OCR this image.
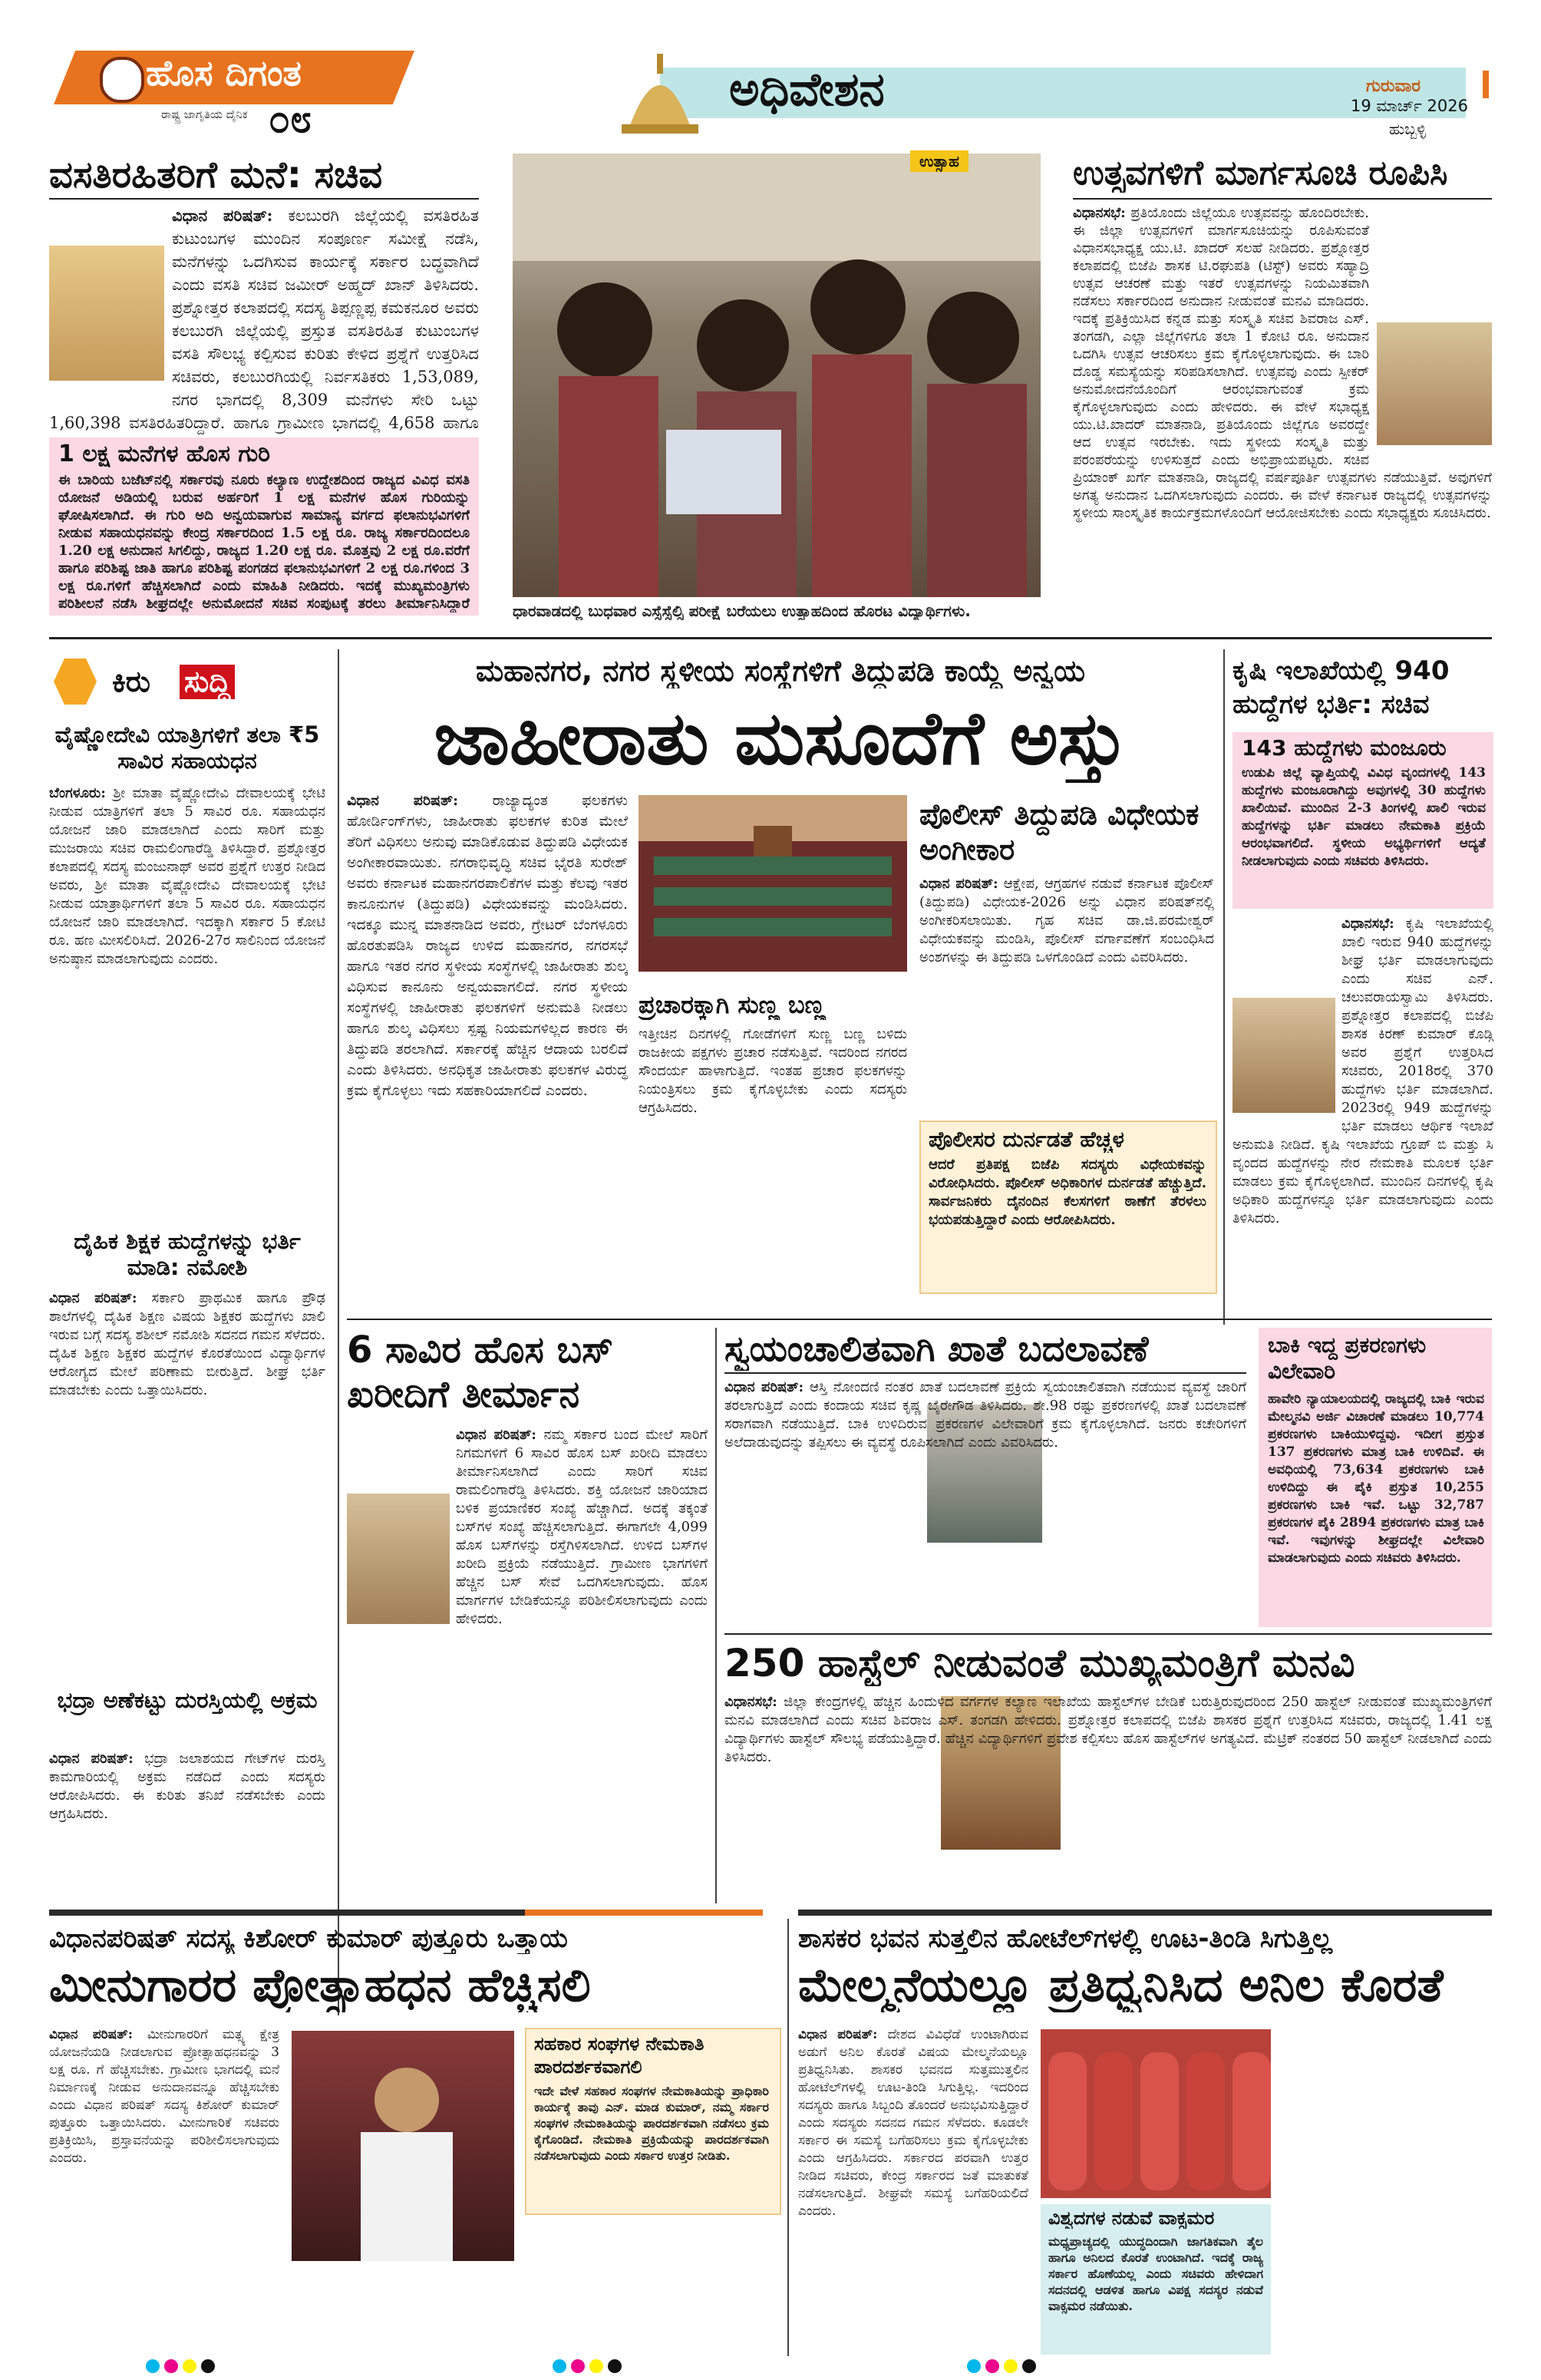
ಹೊಸ ದಿಗಂತ
ರಾಷ್ಟ್ರ ಜಾಗೃತಿಯ ದೈನಿಕ ೦೮
ಅಧಿವೇಶನ	ಗುರುವಾರ
19 ಮಾರ್ಚ್ 2026
ಹುಬ್ಬಳ್ಳಿ
ವಸತಿರಹಿತರಿಗೆ ಮನೆ: ಸಚಿವ
ವಿಧಾನ ಪರಿಷತ್: ಕಲಬುರಗಿ ಜಿಲ್ಲೆಯಲ್ಲಿ ವಸತಿರಹಿತ ಕುಟುಂಬಗಳ ಮುಂದಿನ ಸಂಪೂರ್ಣ ಸಮೀಕ್ಷೆ ನಡೆಸಿ, ಮನೆಗಳನ್ನು ಒದಗಿಸುವ ಕಾರ್ಯಕ್ಕೆ ಸರ್ಕಾರ ಬದ್ಧವಾಗಿದೆ ಎಂದು ವಸತಿ ಸಚಿವ ಜಮೀರ್ ಅಹ್ಮದ್ ಖಾನ್ ತಿಳಿಸಿದರು. ಪ್ರಶ್ನೋತ್ತರ ಕಲಾಪದಲ್ಲಿ ಸದಸ್ಯ ತಿಪ್ಪಣ್ಣಪ್ಪ ಕಮಕನೂರ ಅವರು ಕಲಬುರಗಿ ಜಿಲ್ಲೆಯಲ್ಲಿ ಪ್ರಸ್ತುತ ವಸತಿರಹಿತ ಕುಟುಂಬಗಳ ವಸತಿ ಸೌಲಭ್ಯ ಕಲ್ಪಿಸುವ ಕುರಿತು ಕೇಳಿದ ಪ್ರಶ್ನೆಗೆ ಉತ್ತರಿಸಿದ ಸಚಿವರು, ಕಲಬುರಗಿಯಲ್ಲಿ ನಿರ್ವಸತಿಕರು 1,53,089, ನಗರ ಭಾಗದಲ್ಲಿ 8,309 ಮನೆಗಳು ಸೇರಿ ಒಟ್ಟು 1,60,398 ವಸತಿರಹಿತರಿದ್ದಾರೆ. ಹಾಗೂ ಗ್ರಾಮೀಣ ಭಾಗದಲ್ಲಿ 4,658 ಹಾಗೂ
1 ಲಕ್ಷ ಮನೆಗಳ ಹೊಸ ಗುರಿ
ಈ ಬಾರಿಯ ಬಜೆಟ್‌ನಲ್ಲಿ ಸರ್ಕಾರವು ನೂರು ಕಲ್ಯಾಣ ಉದ್ದೇಶದಿಂದ ರಾಜ್ಯದ ವಿವಿಧ ವಸತಿ ಯೋಜನೆ ಅಡಿಯಲ್ಲಿ ಬರುವ ಅರ್ಹರಿಗೆ 1 ಲಕ್ಷ ಮನೆಗಳ ಹೊಸ ಗುರಿಯನ್ನು ಘೋಷಿಸಲಾಗಿದೆ. ಈ ಗುರಿ ಅದಿ ಅನ್ವಯವಾಗುವ ಸಾಮಾನ್ಯ ವರ್ಗದ ಫಲಾನುಭವಿಗಳಿಗೆ ನೀಡುವ ಸಹಾಯಧನವನ್ನು ಕೇಂದ್ರ ಸರ್ಕಾರದಿಂದ 1.5 ಲಕ್ಷ ರೂ. ರಾಜ್ಯ ಸರ್ಕಾರದಿಂದಲೂ 1.20 ಲಕ್ಷ ಅನುದಾನ ಸಿಗಲಿದ್ದು, ರಾಜ್ಯದ 1.20 ಲಕ್ಷ ರೂ. ಮೊತ್ತವು 2 ಲಕ್ಷ ರೂ.ವರೆಗೆ ಹಾಗೂ ಪರಿಶಿಷ್ಟ ಜಾತಿ ಹಾಗೂ ಪರಿಶಿಷ್ಟ ಪಂಗಡದ ಫಲಾನುಭವಿಗಳಿಗೆ 2 ಲಕ್ಷ ರೂ.ಗಳಿಂದ 3 ಲಕ್ಷ ರೂ.ಗಳಿಗೆ ಹೆಚ್ಚಿಸಲಾಗಿದೆ ಎಂದು ಮಾಹಿತಿ ನೀಡಿದರು. ಇದಕ್ಕೆ ಮುಖ್ಯಮಂತ್ರಿಗಳು ಪರಿಶೀಲನೆ ನಡೆಸಿ ಶೀಘ್ರದಲ್ಲೇ ಅನುಮೋದನೆ ಸಚಿವ ಸಂಪುಟಕ್ಕೆ ತರಲು ತೀರ್ಮಾನಿಸಿದ್ದಾರೆ
ಉತ್ಸಾಹ
ಧಾರವಾಡದಲ್ಲಿ ಬುಧವಾರ ಎಸ್ಸೆಸ್ಸೆಲ್ಸಿ ಪರೀಕ್ಷೆ ಬರೆಯಲು ಉತ್ಸಾಹದಿಂದ ಹೊರಟ ವಿದ್ಯಾರ್ಥಿಗಳು.
ಉತ್ಸವಗಳಿಗೆ ಮಾರ್ಗಸೂಚಿ ರೂಪಿಸಿ
ವಿಧಾನಸಭೆ: ಪ್ರತಿಯೊಂದು ಜಿಲ್ಲೆಯೂ ಉತ್ಸವವನ್ನು ಹೊಂದಿರಬೇಕು. ಈ ಜಿಲ್ಲಾ ಉತ್ಸವಗಳಿಗೆ ಮಾರ್ಗಸೂಚಿಯನ್ನು ರೂಪಿಸುವಂತೆ ವಿಧಾನಸಭಾಧ್ಯಕ್ಷ ಯು.ಟಿ. ಖಾದರ್ ಸಲಹೆ ನೀಡಿದರು. ಪ್ರಶ್ನೋತ್ತರ ಕಲಾಪದಲ್ಲಿ ಬಿಜೆಪಿ ಶಾಸಕ ಟಿ.ರಘುಪತಿ (ಟಿಸ್ಟ್) ಅವರು ಸಹ್ಯಾದ್ರಿ ಉತ್ಸವ ಆಚರಣೆ ಮತ್ತು ಇತರೆ ಉತ್ಸವಗಳನ್ನು ನಿಯಮಿತವಾಗಿ ನಡೆಸಲು ಸರ್ಕಾರದಿಂದ ಅನುದಾನ ನೀಡುವಂತೆ ಮನವಿ ಮಾಡಿದರು. ಇದಕ್ಕೆ ಪ್ರತಿಕ್ರಿಯಿಸಿದ ಕನ್ನಡ ಮತ್ತು ಸಂಸ್ಕೃತಿ ಸಚಿವ ಶಿವರಾಜ ಎಸ್. ತಂಗಡಗಿ, ಎಲ್ಲಾ ಜಿಲ್ಲೆಗಳಿಗೂ ತಲಾ 1 ಕೋಟಿ ರೂ. ಅನುದಾನ ಒದಗಿಸಿ ಉತ್ಸವ ಆಚರಿಸಲು ಕ್ರಮ ಕೈಗೊಳ್ಳಲಾಗುವುದು. ಈ ಬಾರಿ ದೊಡ್ಡ ಸಮಸ್ಯೆಯನ್ನು ಸರಿಪಡಿಸಲಾಗಿದೆ. ಉತ್ಸವವು ಎಂದು ಸ್ಪೀಕರ್ ಅನುಮೋದನೆಯೊಂದಿಗೆ ಆರಂಭವಾಗುವಂತೆ ಕ್ರಮ ಕೈಗೊಳ್ಳಲಾಗುವುದು ಎಂದು ಹೇಳಿದರು. ಈ ವೇಳೆ ಸಭಾಧ್ಯಕ್ಷ ಯು.ಟಿ.ಖಾದರ್ ಮಾತನಾಡಿ, ಪ್ರತಿಯೊಂದು ಜಿಲ್ಲೆಗೂ ಅವರದ್ದೇ ಆದ ಉತ್ಸವ ಇರಬೇಕು. ಇದು ಸ್ಥಳೀಯ ಸಂಸ್ಕೃತಿ ಮತ್ತು ಪರಂಪರೆಯನ್ನು ಉಳಿಸುತ್ತದೆ ಎಂದು ಅಭಿಪ್ರಾಯಪಟ್ಟರು. ಸಚಿವ ಪ್ರಿಯಾಂಕ್ ಖರ್ಗೆ ಮಾತನಾಡಿ, ರಾಜ್ಯದಲ್ಲಿ ವರ್ಷಪೂರ್ತಿ ಉತ್ಸವಗಳು ನಡೆಯುತ್ತಿವೆ. ಅವುಗಳಿಗೆ ಅಗತ್ಯ ಅನುದಾನ ಒದಗಿಸಲಾಗುವುದು ಎಂದರು. ಈ ವೇಳೆ ಕರ್ನಾಟಕ ರಾಜ್ಯದಲ್ಲಿ ಉತ್ಸವಗಳನ್ನು ಸ್ಥಳೀಯ ಸಾಂಸ್ಕೃತಿಕ ಕಾರ್ಯಕ್ರಮಗಳೊಂದಿಗೆ ಆಯೋಜಿಸಬೇಕು ಎಂದು ಸಭಾಧ್ಯಕ್ಷರು ಸೂಚಿಸಿದರು.
ಕಿರು ಸುದ್ದಿ
ವೈಷ್ಣೋದೇವಿ ಯಾತ್ರಿಗಳಿಗೆ ತಲಾ ₹5 ಸಾವಿರ ಸಹಾಯಧನ
ಬೆಂಗಳೂರು: ಶ್ರೀ ಮಾತಾ ವೈಷ್ಣೋದೇವಿ ದೇವಾಲಯಕ್ಕೆ ಭೇಟಿ ನೀಡುವ ಯಾತ್ರಿಗಳಿಗೆ ತಲಾ 5 ಸಾವಿರ ರೂ. ಸಹಾಯಧನ ಯೋಜನೆ ಜಾರಿ ಮಾಡಲಾಗಿದೆ ಎಂದು ಸಾರಿಗೆ ಮತ್ತು ಮುಜರಾಯಿ ಸಚಿವ ರಾಮಲಿಂಗಾರೆಡ್ಡಿ ತಿಳಿಸಿದ್ದಾರೆ. ಪ್ರಶ್ನೋತ್ತರ ಕಲಾಪದಲ್ಲಿ ಸದಸ್ಯ ಮಂಜುನಾಥ್ ಅವರ ಪ್ರಶ್ನೆಗೆ ಉತ್ತರ ನೀಡಿದ ಅವರು, ಶ್ರೀ ಮಾತಾ ವೈಷ್ಣೋದೇವಿ ದೇವಾಲಯಕ್ಕೆ ಭೇಟಿ ನೀಡುವ ಯಾತ್ರಾರ್ಥಿಗಳಿಗೆ ತಲಾ 5 ಸಾವಿರ ರೂ. ಸಹಾಯಧನ ಯೋಜನೆ ಜಾರಿ ಮಾಡಲಾಗಿದೆ. ಇದಕ್ಕಾಗಿ ಸರ್ಕಾರ 5 ಕೋಟಿ ರೂ. ಹಣ ಮೀಸಲಿರಿಸಿದೆ. 2026-27ರ ಸಾಲಿನಿಂದ ಯೋಜನೆ ಅನುಷ್ಠಾನ ಮಾಡಲಾಗುವುದು ಎಂದರು.
ದೈಹಿಕ ಶಿಕ್ಷಕ ಹುದ್ದೆಗಳನ್ನು ಭರ್ತಿ ಮಾಡಿ: ನಮೋಶಿ
ವಿಧಾನ ಪರಿಷತ್: ಸರ್ಕಾರಿ ಪ್ರಾಥಮಿಕ ಹಾಗೂ ಪ್ರೌಢ ಶಾಲೆಗಳಲ್ಲಿ ದೈಹಿಕ ಶಿಕ್ಷಣ ವಿಷಯ ಶಿಕ್ಷಕರ ಹುದ್ದೆಗಳು ಖಾಲಿ ಇರುವ ಬಗ್ಗೆ ಸದಸ್ಯ ಶಶೀಲ್ ನಮೋಶಿ ಸದನದ ಗಮನ ಸೆಳೆದರು. ದೈಹಿಕ ಶಿಕ್ಷಣ ಶಿಕ್ಷಕರ ಹುದ್ದೆಗಳ ಕೊರತೆಯಿಂದ ವಿದ್ಯಾರ್ಥಿಗಳ ಆರೋಗ್ಯದ ಮೇಲೆ ಪರಿಣಾಮ ಬೀರುತ್ತಿದೆ. ಶೀಘ್ರ ಭರ್ತಿ ಮಾಡಬೇಕು ಎಂದು ಒತ್ತಾಯಿಸಿದರು.
ಭದ್ರಾ ಅಣೆಕಟ್ಟು ದುರಸ್ತಿಯಲ್ಲಿ ಅಕ್ರಮ
ವಿಧಾನ ಪರಿಷತ್: ಭದ್ರಾ ಜಲಾಶಯದ ಗೇಟ್‌ಗಳ ದುರಸ್ತಿ ಕಾಮಗಾರಿಯಲ್ಲಿ ಅಕ್ರಮ ನಡೆದಿದೆ ಎಂದು ಸದಸ್ಯರು ಆರೋಪಿಸಿದರು. ಈ ಕುರಿತು ತನಿಖೆ ನಡೆಸಬೇಕು ಎಂದು ಆಗ್ರಹಿಸಿದರು.
ಮಹಾನಗರ, ನಗರ ಸ್ಥಳೀಯ ಸಂಸ್ಥೆಗಳಿಗೆ ತಿದ್ದುಪಡಿ ಕಾಯ್ದೆ ಅನ್ವಯ
ಜಾಹೀರಾತು ಮಸೂದೆಗೆ ಅಸ್ತು
ವಿಧಾನ ಪರಿಷತ್: ರಾಜ್ಯಾದ್ಯಂತ ಫಲಕಗಳು ಹೋರ್ಡಿಂಗ್‌ಗಳು, ಜಾಹೀರಾತು ಫಲಕಗಳ ಕುರಿತ ಮೇಲೆ ತೆರಿಗೆ ವಿಧಿಸಲು ಅನುವು ಮಾಡಿಕೊಡುವ ತಿದ್ದುಪಡಿ ವಿಧೇಯಕ ಅಂಗೀಕಾರವಾಯಿತು. ನಗರಾಭಿವೃದ್ಧಿ ಸಚಿವ ಭೈರತಿ ಸುರೇಶ್ ಅವರು ಕರ್ನಾಟಕ ಮಹಾನಗರಪಾಲಿಕೆಗಳ ಮತ್ತು ಕೆಲವು ಇತರ ಕಾನೂನುಗಳ (ತಿದ್ದುಪಡಿ) ವಿಧೇಯಕವನ್ನು ಮಂಡಿಸಿದರು. ಇದಕ್ಕೂ ಮುನ್ನ ಮಾತನಾಡಿದ ಅವರು, ಗ್ರೇಟರ್ ಬೆಂಗಳೂರು ಹೊರತುಪಡಿಸಿ ರಾಜ್ಯದ ಉಳಿದ ಮಹಾನಗರ, ನಗರಸಭೆ ಹಾಗೂ ಇತರ ನಗರ ಸ್ಥಳೀಯ ಸಂಸ್ಥೆಗಳಲ್ಲಿ ಜಾಹೀರಾತು ಶುಲ್ಕ ವಿಧಿಸುವ ಕಾನೂನು ಅನ್ವಯವಾಗಲಿದೆ. ನಗರ ಸ್ಥಳೀಯ ಸಂಸ್ಥೆಗಳಲ್ಲಿ ಜಾಹೀರಾತು ಫಲಕಗಳಿಗೆ ಅನುಮತಿ ನೀಡಲು ಹಾಗೂ ಶುಲ್ಕ ವಿಧಿಸಲು ಸ್ಪಷ್ಟ ನಿಯಮಗಳಿಲ್ಲದ ಕಾರಣ ಈ ತಿದ್ದುಪಡಿ ತರಲಾಗಿದೆ. ಸರ್ಕಾರಕ್ಕೆ ಹೆಚ್ಚಿನ ಆದಾಯ ಬರಲಿದೆ ಎಂದು ತಿಳಿಸಿದರು. ಅನಧಿಕೃತ ಜಾಹೀರಾತು ಫಲಕಗಳ ವಿರುದ್ಧ ಕ್ರಮ ಕೈಗೊಳ್ಳಲು ಇದು ಸಹಕಾರಿಯಾಗಲಿದೆ ಎಂದರು.
ಪೊಲೀಸ್ ತಿದ್ದುಪಡಿ ವಿಧೇಯಕ ಅಂಗೀಕಾರ
ವಿಧಾನ ಪರಿಷತ್: ಆಕ್ಷೇಪ, ಆಗ್ರಹಗಳ ನಡುವೆ ಕರ್ನಾಟಕ ಪೊಲೀಸ್ (ತಿದ್ದುಪಡಿ) ವಿಧೇಯಕ-2026 ಅನ್ನು ವಿಧಾನ ಪರಿಷತ್‌ನಲ್ಲಿ ಅಂಗೀಕರಿಸಲಾಯಿತು. ಗೃಹ ಸಚಿವ ಡಾ.ಜಿ.ಪರಮೇಶ್ವರ್ ವಿಧೇಯಕವನ್ನು ಮಂಡಿಸಿ, ಪೊಲೀಸ್ ವರ್ಗಾವಣೆಗೆ ಸಂಬಂಧಿಸಿದ ಅಂಶಗಳನ್ನು ಈ ತಿದ್ದುಪಡಿ ಒಳಗೊಂಡಿದೆ ಎಂದು ವಿವರಿಸಿದರು.
ಪ್ರಚಾರಕ್ಕಾಗಿ ಸುಣ್ಣ ಬಣ್ಣ
ಇತ್ತೀಚಿನ ದಿನಗಳಲ್ಲಿ ಗೋಡೆಗಳಿಗೆ ಸುಣ್ಣ ಬಣ್ಣ ಬಳಿದು ರಾಜಕೀಯ ಪಕ್ಷಗಳು ಪ್ರಚಾರ ನಡೆಸುತ್ತಿವೆ. ಇದರಿಂದ ನಗರದ ಸೌಂದರ್ಯ ಹಾಳಾಗುತ್ತಿದೆ. ಇಂತಹ ಪ್ರಚಾರ ಫಲಕಗಳನ್ನು ನಿಯಂತ್ರಿಸಲು ಕ್ರಮ ಕೈಗೊಳ್ಳಬೇಕು ಎಂದು ಸದಸ್ಯರು ಆಗ್ರಹಿಸಿದರು.
ಪೊಲೀಸರ ದುರ್ನಡತೆ ಹೆಚ್ಚಳ
ಆದರೆ ಪ್ರತಿಪಕ್ಷ ಬಿಜೆಪಿ ಸದಸ್ಯರು ವಿಧೇಯಕವನ್ನು ವಿರೋಧಿಸಿದರು. ಪೊಲೀಸ್ ಅಧಿಕಾರಿಗಳ ದುರ್ನಡತೆ ಹೆಚ್ಚುತ್ತಿದೆ. ಸಾರ್ವಜನಿಕರು ದೈನಂದಿನ ಕೆಲಸಗಳಿಗೆ ಠಾಣೆಗೆ ತೆರಳಲು ಭಯಪಡುತ್ತಿದ್ದಾರೆ ಎಂದು ಆರೋಪಿಸಿದರು.
ಕೃಷಿ ಇಲಾಖೆಯಲ್ಲಿ 940 ಹುದ್ದೆಗಳ ಭರ್ತಿ: ಸಚಿವ
143 ಹುದ್ದೆಗಳು ಮಂಜೂರು
ಉಡುಪಿ ಜಿಲ್ಲೆ ವ್ಯಾಪ್ತಿಯಲ್ಲಿ ವಿವಿಧ ವೃಂದಗಳಲ್ಲಿ 143 ಹುದ್ದೆಗಳು ಮಂಜೂರಾಗಿದ್ದು ಅವುಗಳಲ್ಲಿ 30 ಹುದ್ದೆಗಳು ಖಾಲಿಯಿವೆ. ಮುಂದಿನ 2-3 ತಿಂಗಳಲ್ಲಿ ಖಾಲಿ ಇರುವ ಹುದ್ದೆಗಳನ್ನು ಭರ್ತಿ ಮಾಡಲು ನೇಮಕಾತಿ ಪ್ರಕ್ರಿಯೆ ಆರಂಭವಾಗಲಿದೆ. ಸ್ಥಳೀಯ ಅಭ್ಯರ್ಥಿಗಳಿಗೆ ಆದ್ಯತೆ ನೀಡಲಾಗುವುದು ಎಂದು ಸಚಿವರು ತಿಳಿಸಿದರು.
ವಿಧಾನಸಭೆ: ಕೃಷಿ ಇಲಾಖೆಯಲ್ಲಿ ಖಾಲಿ ಇರುವ 940 ಹುದ್ದೆಗಳನ್ನು ಶೀಘ್ರ ಭರ್ತಿ ಮಾಡಲಾಗುವುದು ಎಂದು ಸಚಿವ ಎನ್. ಚಲುವರಾಯಸ್ವಾಮಿ ತಿಳಿಸಿದರು. ಪ್ರಶ್ನೋತ್ತರ ಕಲಾಪದಲ್ಲಿ ಬಿಜೆಪಿ ಶಾಸಕ ಕಿರಣ್ ಕುಮಾರ್ ಕೊಡ್ಗಿ ಅವರ ಪ್ರಶ್ನೆಗೆ ಉತ್ತರಿಸಿದ ಸಚಿವರು, 2018ರಲ್ಲಿ 370 ಹುದ್ದೆಗಳು ಭರ್ತಿ ಮಾಡಲಾಗಿದೆ. 2023ರಲ್ಲಿ 949 ಹುದ್ದೆಗಳನ್ನು ಭರ್ತಿ ಮಾಡಲು ಆರ್ಥಿಕ ಇಲಾಖೆ ಅನುಮತಿ ನೀಡಿದೆ. ಕೃಷಿ ಇಲಾಖೆಯ ಗ್ರೂಪ್ ಬಿ ಮತ್ತು ಸಿ ವೃಂದದ ಹುದ್ದೆಗಳನ್ನು ನೇರ ನೇಮಕಾತಿ ಮೂಲಕ ಭರ್ತಿ ಮಾಡಲು ಕ್ರಮ ಕೈಗೊಳ್ಳಲಾಗಿದೆ. ಮುಂದಿನ ದಿನಗಳಲ್ಲಿ ಕೃಷಿ ಅಧಿಕಾರಿ ಹುದ್ದೆಗಳನ್ನೂ ಭರ್ತಿ ಮಾಡಲಾಗುವುದು ಎಂದು ತಿಳಿಸಿದರು.
6 ಸಾವಿರ ಹೊಸ ಬಸ್ ಖರೀದಿಗೆ ತೀರ್ಮಾನ
ವಿಧಾನ ಪರಿಷತ್: ನಮ್ಮ ಸರ್ಕಾರ ಬಂದ ಮೇಲೆ ಸಾರಿಗೆ ನಿಗಮಗಳಿಗೆ 6 ಸಾವಿರ ಹೊಸ ಬಸ್ ಖರೀದಿ ಮಾಡಲು ತೀರ್ಮಾನಿಸಲಾಗಿದೆ ಎಂದು ಸಾರಿಗೆ ಸಚಿವ ರಾಮಲಿಂಗಾರೆಡ್ಡಿ ತಿಳಿಸಿದರು. ಶಕ್ತಿ ಯೋಜನೆ ಜಾರಿಯಾದ ಬಳಿಕ ಪ್ರಯಾಣಿಕರ ಸಂಖ್ಯೆ ಹೆಚ್ಚಾಗಿದೆ. ಅದಕ್ಕೆ ತಕ್ಕಂತೆ ಬಸ್‌ಗಳ ಸಂಖ್ಯೆ ಹೆಚ್ಚಿಸಲಾಗುತ್ತಿದೆ. ಈಗಾಗಲೇ 4,099 ಹೊಸ ಬಸ್‌ಗಳನ್ನು ರಸ್ತೆಗಿಳಿಸಲಾಗಿದೆ. ಉಳಿದ ಬಸ್‌ಗಳ ಖರೀದಿ ಪ್ರಕ್ರಿಯೆ ನಡೆಯುತ್ತಿದೆ. ಗ್ರಾಮೀಣ ಭಾಗಗಳಿಗೆ ಹೆಚ್ಚಿನ ಬಸ್ ಸೇವೆ ಒದಗಿಸಲಾಗುವುದು. ಹೊಸ ಮಾರ್ಗಗಳ ಬೇಡಿಕೆಯನ್ನೂ ಪರಿಶೀಲಿಸಲಾಗುವುದು ಎಂದು ಹೇಳಿದರು.
ಸ್ವಯಂಚಾಲಿತವಾಗಿ ಖಾತೆ ಬದಲಾವಣೆ
ವಿಧಾನ ಪರಿಷತ್: ಆಸ್ತಿ ನೋಂದಣಿ ನಂತರ ಖಾತೆ ಬದಲಾವಣೆ ಪ್ರಕ್ರಿಯೆ ಸ್ವಯಂಚಾಲಿತವಾಗಿ ನಡೆಯುವ ವ್ಯವಸ್ಥೆ ಜಾರಿಗೆ ತರಲಾಗುತ್ತಿದೆ ಎಂದು ಕಂದಾಯ ಸಚಿವ ಕೃಷ್ಣ ಬೈರೇಗೌಡ ತಿಳಿಸಿದರು. ಶೇ.98 ರಷ್ಟು ಪ್ರಕರಣಗಳಲ್ಲಿ ಖಾತೆ ಬದಲಾವಣೆ ಸರಾಗವಾಗಿ ನಡೆಯುತ್ತಿದೆ. ಬಾಕಿ ಉಳಿದಿರುವ ಪ್ರಕರಣಗಳ ವಿಲೇವಾರಿಗೆ ಕ್ರಮ ಕೈಗೊಳ್ಳಲಾಗಿದೆ. ಜನರು ಕಚೇರಿಗಳಿಗೆ ಅಲೆದಾಡುವುದನ್ನು ತಪ್ಪಿಸಲು ಈ ವ್ಯವಸ್ಥೆ ರೂಪಿಸಲಾಗಿದೆ ಎಂದು ವಿವರಿಸಿದರು.
ಬಾಕಿ ಇದ್ದ ಪ್ರಕರಣಗಳು ವಿಲೇವಾರಿ
ಹಾವೇರಿ ನ್ಯಾಯಾಲಯದಲ್ಲಿ ರಾಜ್ಯದಲ್ಲಿ ಬಾಕಿ ಇರುವ ಮೇಲ್ಮನವಿ ಅರ್ಜಿ ವಿಚಾರಣೆ ಮಾಡಲು 10,774 ಪ್ರಕರಣಗಳು ಬಾಕಿಯುಳಿದ್ದವು. ಇದೀಗ ಪ್ರಸ್ತುತ 137 ಪ್ರಕರಣಗಳು ಮಾತ್ರ ಬಾಕಿ ಉಳಿದಿವೆ. ಈ ಅವಧಿಯಲ್ಲಿ 73,634 ಪ್ರಕರಣಗಳು ಬಾಕಿ ಉಳಿದಿದ್ದು ಈ ಪೈಕಿ ಪ್ರಸ್ತುತ 10,255 ಪ್ರಕರಣಗಳು ಬಾಕಿ ಇವೆ. ಒಟ್ಟು 32,787 ಪ್ರಕರಣಗಳ ಪೈಕಿ 2894 ಪ್ರಕರಣಗಳು ಮಾತ್ರ ಬಾಕಿ ಇವೆ. ಇವುಗಳನ್ನು ಶೀಘ್ರದಲ್ಲೇ ವಿಲೇವಾರಿ ಮಾಡಲಾಗುವುದು ಎಂದು ಸಚಿವರು ತಿಳಿಸಿದರು.
250 ಹಾಸ್ಟೆಲ್ ನೀಡುವಂತೆ ಮುಖ್ಯಮಂತ್ರಿಗೆ ಮನವಿ
ವಿಧಾನಸಭೆ: ಜಿಲ್ಲಾ ಕೇಂದ್ರಗಳಲ್ಲಿ ಹೆಚ್ಚಿನ ಹಿಂದುಳಿದ ವರ್ಗಗಳ ಕಲ್ಯಾಣ ಇಲಾಖೆಯ ಹಾಸ್ಟೆಲ್‌ಗಳ ಬೇಡಿಕೆ ಬರುತ್ತಿರುವುದರಿಂದ 250 ಹಾಸ್ಟೆಲ್ ನೀಡುವಂತೆ ಮುಖ್ಯಮಂತ್ರಿಗಳಿಗೆ ಮನವಿ ಮಾಡಲಾಗಿದೆ ಎಂದು ಸಚಿವ ಶಿವರಾಜ ಎಸ್. ತಂಗಡಗಿ ಹೇಳಿದರು. ಪ್ರಶ್ನೋತ್ತರ ಕಲಾಪದಲ್ಲಿ ಬಿಜೆಪಿ ಶಾಸಕರ ಪ್ರಶ್ನೆಗೆ ಉತ್ತರಿಸಿದ ಸಚಿವರು, ರಾಜ್ಯದಲ್ಲಿ 1.41 ಲಕ್ಷ ವಿದ್ಯಾರ್ಥಿಗಳು ಹಾಸ್ಟೆಲ್ ಸೌಲಭ್ಯ ಪಡೆಯುತ್ತಿದ್ದಾರೆ. ಹೆಚ್ಚಿನ ವಿದ್ಯಾರ್ಥಿಗಳಿಗೆ ಪ್ರವೇಶ ಕಲ್ಪಿಸಲು ಹೊಸ ಹಾಸ್ಟೆಲ್‌ಗಳ ಅಗತ್ಯವಿದೆ. ಮೆಟ್ರಿಕ್ ನಂತರದ 50 ಹಾಸ್ಟೆಲ್ ನೀಡಲಾಗಿದೆ ಎಂದು ತಿಳಿಸಿದರು.
ವಿಧಾನಪರಿಷತ್ ಸದಸ್ಯ ಕಿಶೋರ್ ಕುಮಾರ್ ಪುತ್ತೂರು ಒತ್ತಾಯ
ಮೀನುಗಾರರ ಪ್ರೋತ್ಸಾಹಧನ ಹೆಚ್ಚಿಸಲಿ
ವಿಧಾನ ಪರಿಷತ್: ಮೀನುಗಾರರಿಗೆ ಮತ್ಸ್ಯ ಕ್ಷೇತ್ರ ಯೋಜನೆಯಡಿ ನೀಡಲಾಗುವ ಪ್ರೋತ್ಸಾಹಧನವನ್ನು 3 ಲಕ್ಷ ರೂ. ಗೆ ಹೆಚ್ಚಿಸಬೇಕು. ಗ್ರಾಮೀಣ ಭಾಗದಲ್ಲಿ ಮನೆ ನಿರ್ಮಾಣಕ್ಕೆ ನೀಡುವ ಅನುದಾನವನ್ನೂ ಹೆಚ್ಚಿಸಬೇಕು ಎಂದು ವಿಧಾನ ಪರಿಷತ್ ಸದಸ್ಯ ಕಿಶೋರ್ ಕುಮಾರ್ ಪುತ್ತೂರು ಒತ್ತಾಯಿಸಿದರು. ಮೀನುಗಾರಿಕೆ ಸಚಿವರು ಪ್ರತಿಕ್ರಿಯಿಸಿ, ಪ್ರಸ್ತಾವನೆಯನ್ನು ಪರಿಶೀಲಿಸಲಾಗುವುದು ಎಂದರು.
ಸಹಕಾರ ಸಂಘಗಳ ನೇಮಕಾತಿ ಪಾರದರ್ಶಕವಾಗಲಿ
ಇದೇ ವೇಳೆ ಸಹಕಾರ ಸಂಘಗಳ ನೇಮಕಾತಿಯನ್ನು ಪ್ರಾಧಿಕಾರಿ ಕಾರ್ಯಕ್ಕೆ ತಾವು ಎನ್. ಮಾಡ ಕುಮಾರ್, ನಮ್ಮ ಸರ್ಕಾರ ಸಂಘಗಳ ನೇಮಕಾತಿಯನ್ನು ಪಾರದರ್ಶಕವಾಗಿ ನಡೆಸಲು ಕ್ರಮ ಕೈಗೊಂಡಿದೆ. ನೇಮಕಾತಿ ಪ್ರಕ್ರಿಯೆಯನ್ನು ಪಾರದರ್ಶಕವಾಗಿ ನಡೆಸಲಾಗುವುದು ಎಂದು ಸರ್ಕಾರ ಉತ್ತರ ನೀಡಿತು.
ಶಾಸಕರ ಭವನ ಸುತ್ತಲಿನ ಹೋಟೆಲ್‌ಗಳಲ್ಲಿ ಊಟ-ತಿಂಡಿ ಸಿಗುತ್ತಿಲ್ಲ
ಮೇಲ್ಮನೆಯಲ್ಲೂ ಪ್ರತಿಧ್ವನಿಸಿದ ಅನಿಲ ಕೊರತೆ
ವಿಧಾನ ಪರಿಷತ್: ದೇಶದ ವಿವಿಧೆಡೆ ಉಂಟಾಗಿರುವ ಅಡುಗೆ ಅನಿಲ ಕೊರತೆ ವಿಷಯ ಮೇಲ್ಮನೆಯಲ್ಲೂ ಪ್ರತಿಧ್ವನಿಸಿತು. ಶಾಸಕರ ಭವನದ ಸುತ್ತಮುತ್ತಲಿನ ಹೋಟೆಲ್‌ಗಳಲ್ಲಿ ಊಟ-ತಿಂಡಿ ಸಿಗುತ್ತಿಲ್ಲ. ಇದರಿಂದ ಸದಸ್ಯರು ಹಾಗೂ ಸಿಬ್ಬಂದಿ ತೊಂದರೆ ಅನುಭವಿಸುತ್ತಿದ್ದಾರೆ ಎಂದು ಸದಸ್ಯರು ಸದನದ ಗಮನ ಸೆಳೆದರು. ಕೂಡಲೇ ಸರ್ಕಾರ ಈ ಸಮಸ್ಯೆ ಬಗೆಹರಿಸಲು ಕ್ರಮ ಕೈಗೊಳ್ಳಬೇಕು ಎಂದು ಆಗ್ರಹಿಸಿದರು. ಸರ್ಕಾರದ ಪರವಾಗಿ ಉತ್ತರ ನೀಡಿದ ಸಚಿವರು, ಕೇಂದ್ರ ಸರ್ಕಾರದ ಜತೆ ಮಾತುಕತೆ ನಡೆಸಲಾಗುತ್ತಿದೆ. ಶೀಘ್ರವೇ ಸಮಸ್ಯೆ ಬಗೆಹರಿಯಲಿದೆ ಎಂದರು.	ವಿಶ್ವದಗಳ ನಡುವೆ ವಾಕ್ಸಮರ
ಮಧ್ಯಪ್ರಾಚ್ಯದಲ್ಲಿ ಯುದ್ಧದಿಂದಾಗಿ ಜಾಗತಿಕವಾಗಿ ತೈಲ ಹಾಗೂ ಅನಿಲದ ಕೊರತೆ ಉಂಟಾಗಿದೆ. ಇದಕ್ಕೆ ರಾಜ್ಯ ಸರ್ಕಾರ ಹೊಣೆಯಲ್ಲ ಎಂದು ಸಚಿವರು ಹೇಳಿದಾಗ ಸದನದಲ್ಲಿ ಆಡಳಿತ ಹಾಗೂ ವಿಪಕ್ಷ ಸದಸ್ಯರ ನಡುವೆ ವಾಕ್ಸಮರ ನಡೆಯಿತು.
